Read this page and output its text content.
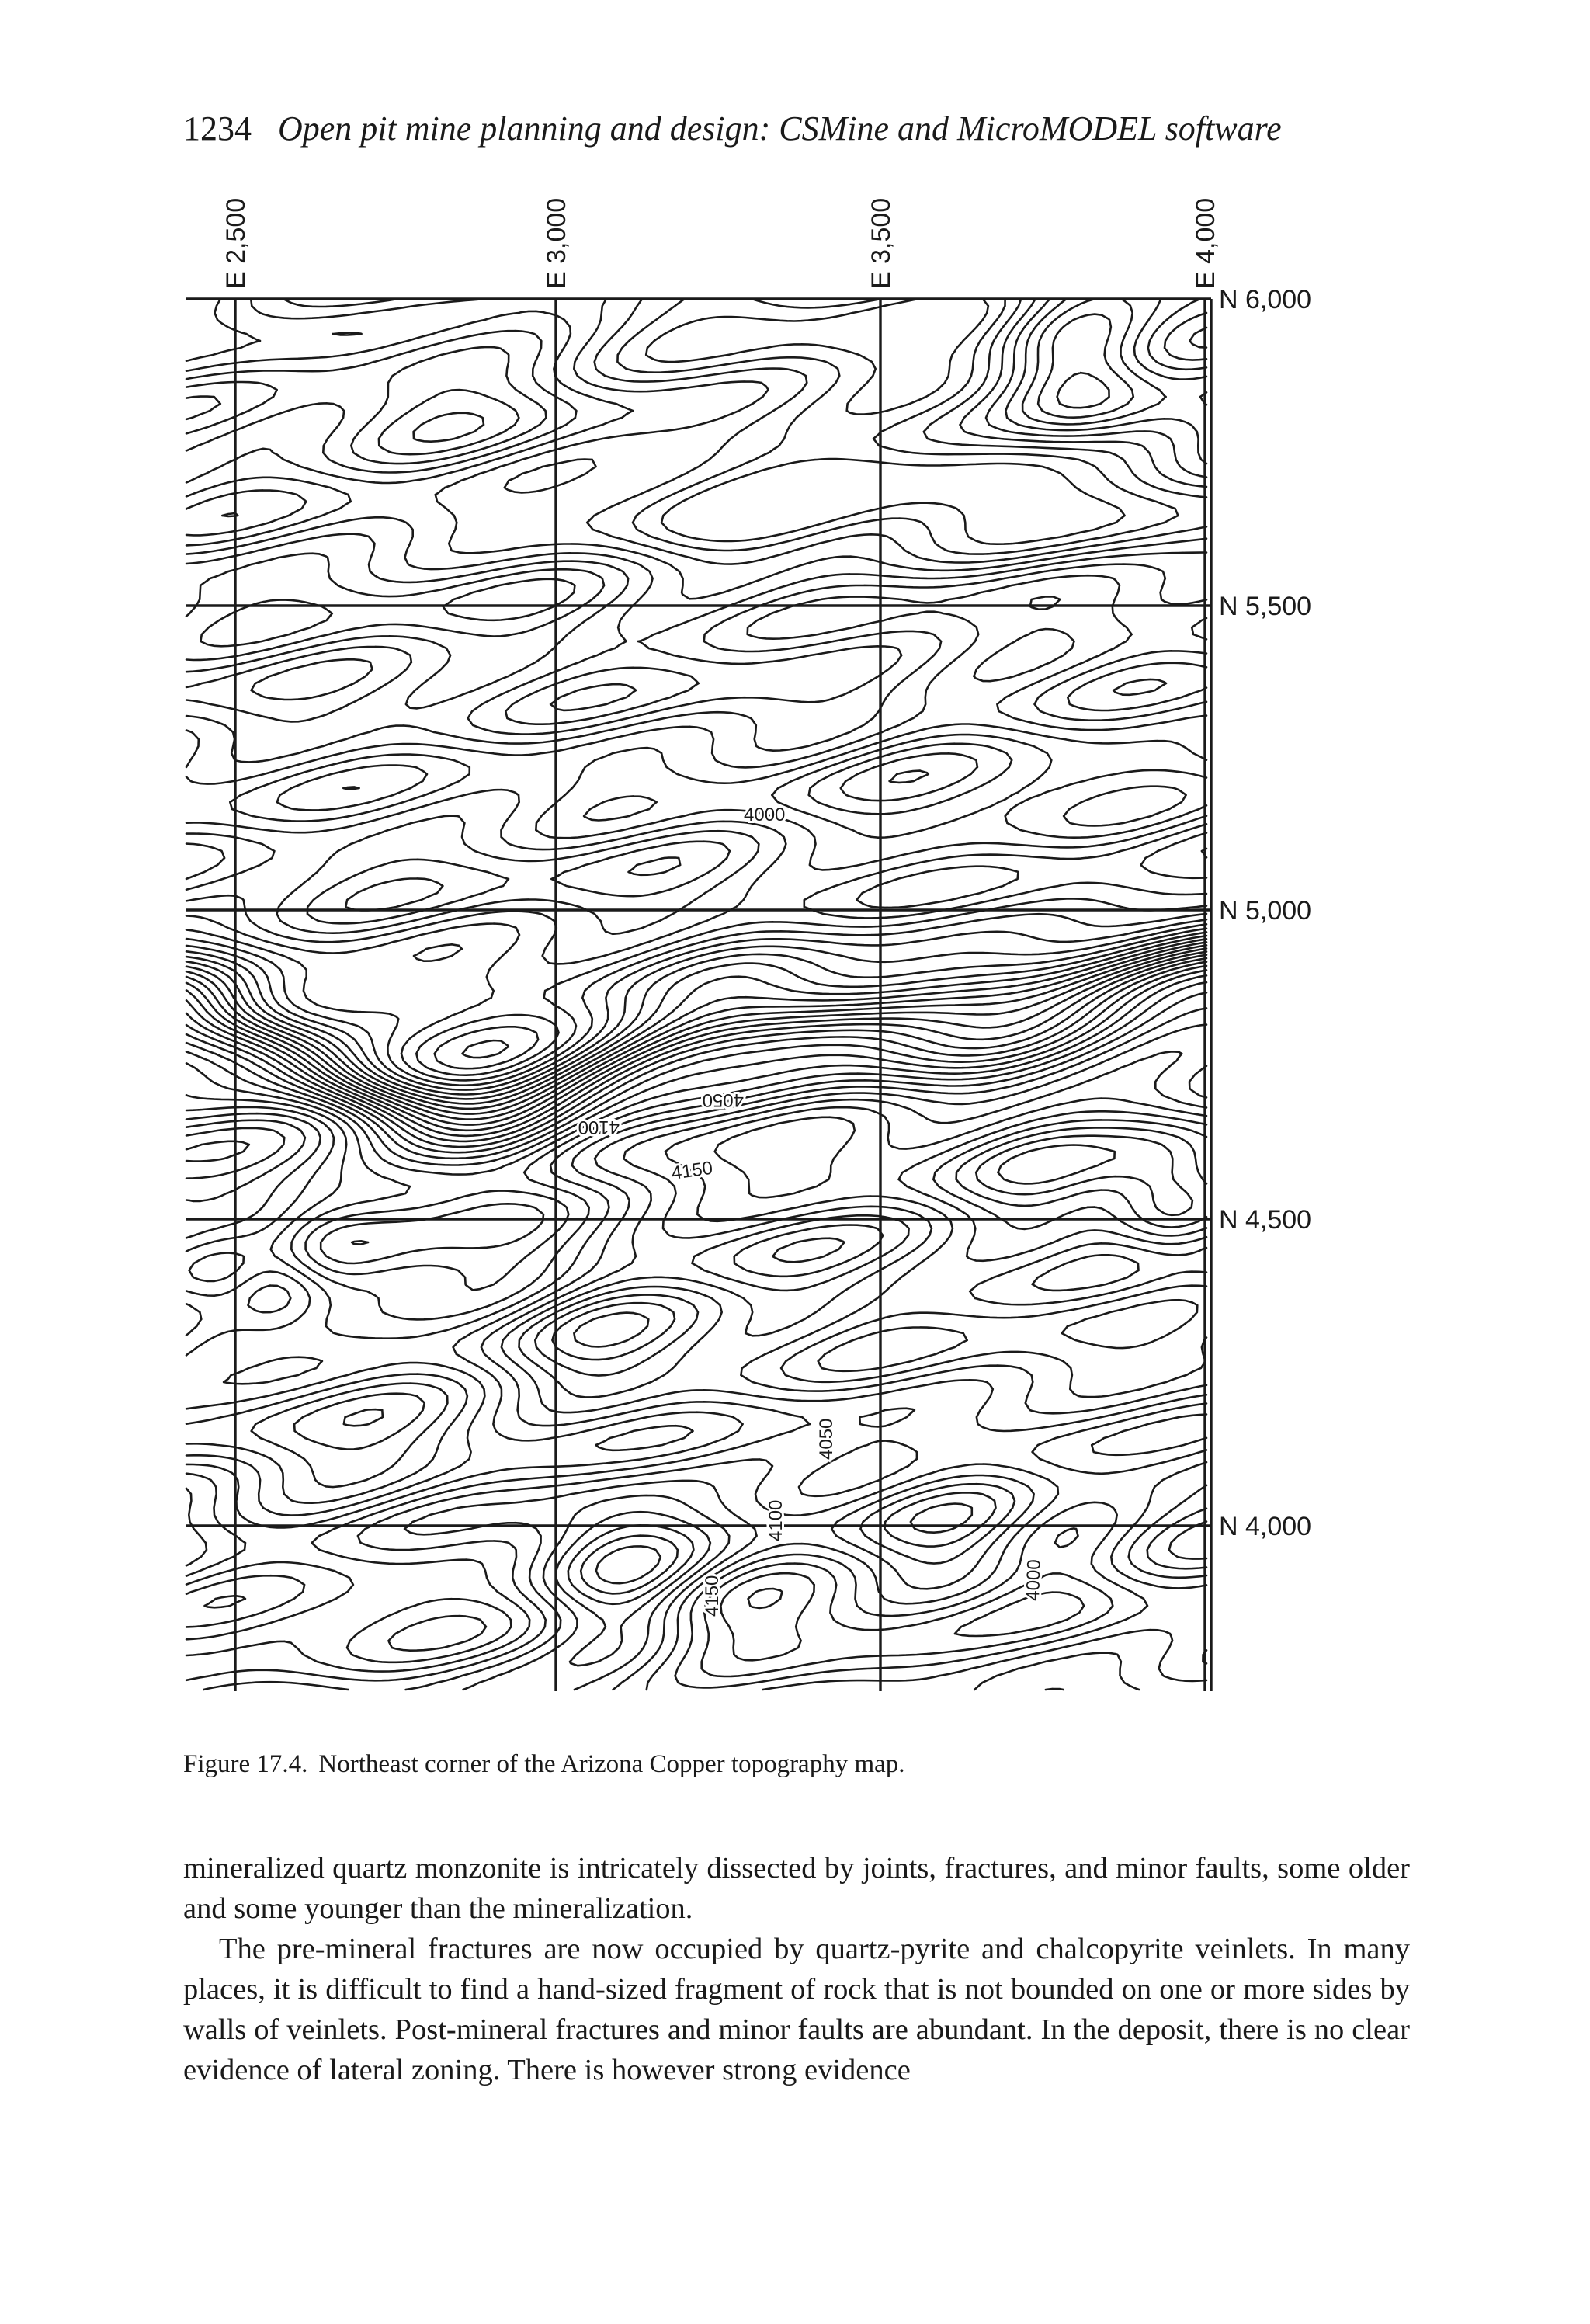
1234 Open pit mine planning and design: CSMine and MicroMODEL software
E 2,500	E 3,000	E 3,500	E 4,000
N 6,000
N 5,500
N 5,000
N 4,500
N 4,000
4000
4050
4100
4150
4050
4100
4150	4000
Figure 17.4. Northeast corner of the Arizona Copper topography map.

mineralized quartz monzonite is intricately dissected by joints, fractures, and minor faults, some older and some younger than the mineralization.

The pre-mineral fractures are now occupied by quartz-pyrite and chalcopyrite veinlets. In many places, it is difficult to find a hand-sized fragment of rock that is not bounded on one or more sides by walls of veinlets. Post-mineral fractures and minor faults are abundant. In the deposit, there is no clear evidence of lateral zoning. There is however strong evidence
